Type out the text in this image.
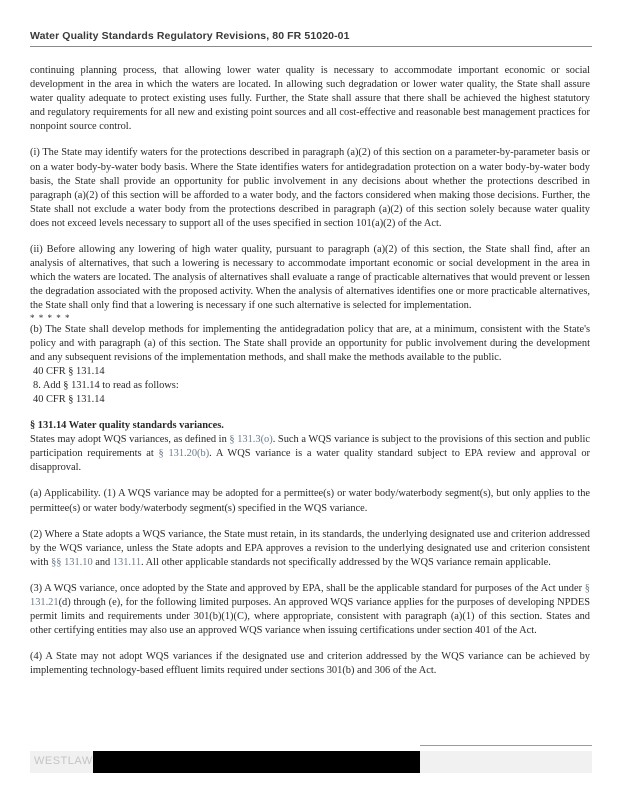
Water Quality Standards Regulatory Revisions, 80 FR 51020-01

continuing planning process, that allowing lower water quality is necessary to accommodate important economic or social development in the area in which the waters are located. In allowing such degradation or lower water quality, the State shall assure water quality adequate to protect existing uses fully. Further, the State shall assure that there shall be achieved the highest statutory and regulatory requirements for all new and existing point sources and all cost-effective and reasonable best management practices for nonpoint source control.

(i) The State may identify waters for the protections described in paragraph (a)(2) of this section on a parameter-by-parameter basis or on a water body-by-water body basis. Where the State identifies waters for antidegradation protection on a water body-by-water body basis, the State shall provide an opportunity for public involvement in any decisions about whether the protections described in paragraph (a)(2) of this section will be afforded to a water body, and the factors considered when making those decisions. Further, the State shall not exclude a water body from the protections described in paragraph (a)(2) of this section solely because water quality does not exceed levels necessary to support all of the uses specified in section 101(a)(2) of the Act.

(ii) Before allowing any lowering of high water quality, pursuant to paragraph (a)(2) of this section, the State shall find, after an analysis of alternatives, that such a lowering is necessary to accommodate important economic or social development in the area in which the waters are located. The analysis of alternatives shall evaluate a range of practicable alternatives that would prevent or lessen the degradation associated with the proposed activity. When the analysis of alternatives identifies one or more practicable alternatives, the State shall only find that a lowering is necessary if one such alternative is selected for implementation.

* * * * *

(b) The State shall develop methods for implementing the antidegradation policy that are, at a minimum, consistent with the State's policy and with paragraph (a) of this section. The State shall provide an opportunity for public involvement during the development and any subsequent revisions of the implementation methods, and shall make the methods available to the public.

40 CFR § 131.14

8. Add § 131.14 to read as follows:

40 CFR § 131.14

§ 131.14 Water quality standards variances.

States may adopt WQS variances, as defined in § 131.3(o). Such a WQS variance is subject to the provisions of this section and public participation requirements at § 131.20(b). A WQS variance is a water quality standard subject to EPA review and approval or disapproval.

(a) Applicability. (1) A WQS variance may be adopted for a permittee(s) or water body/waterbody segment(s), but only applies to the permittee(s) or water body/waterbody segment(s) specified in the WQS variance.

(2) Where a State adopts a WQS variance, the State must retain, in its standards, the underlying designated use and criterion addressed by the WQS variance, unless the State adopts and EPA approves a revision to the underlying designated use and criterion consistent with §§ 131.10 and 131.11. All other applicable standards not specifically addressed by the WQS variance remain applicable.

(3) A WQS variance, once adopted by the State and approved by EPA, shall be the applicable standard for purposes of the Act under § 131.21(d) through (e), for the following limited purposes. An approved WQS variance applies for the purposes of developing NPDES permit limits and requirements under 301(b)(1)(C), where appropriate, consistent with paragraph (a)(1) of this section. States and other certifying entities may also use an approved WQS variance when issuing certifications under section 401 of the Act.

(4) A State may not adopt WQS variances if the designated use and criterion addressed by the WQS variance can be achieved by implementing technology-based effluent limits required under sections 301(b) and 306 of the Act.

WESTLAW
